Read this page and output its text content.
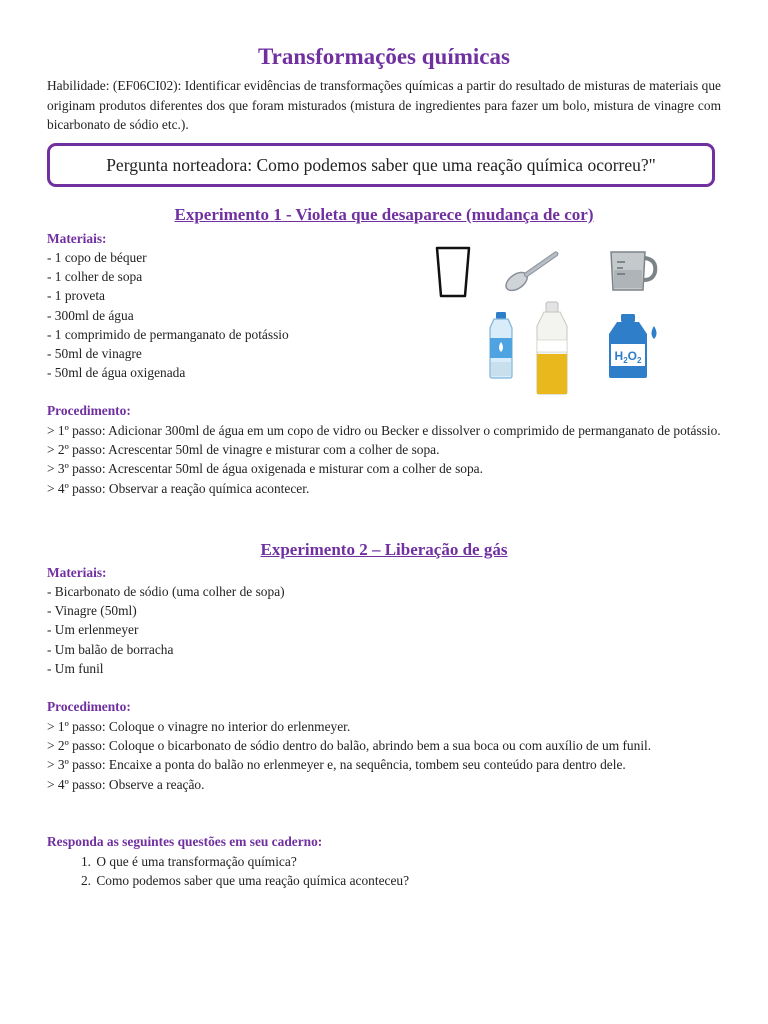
Transformações químicas
Habilidade: (EF06CI02): Identificar evidências de transformações químicas a partir do resultado de misturas de materiais que originam produtos diferentes dos que foram misturados (mistura de ingredientes para fazer um bolo, mistura de vinagre com bicarbonato de sódio etc.).
Pergunta norteadora: Como podemos saber que uma reação química ocorreu?"
Experimento 1 - Violeta que desaparece (mudança de cor)
Materiais:
- 1 copo de béquer
- 1 colher de sopa
- 1 proveta
- 300ml de água
- 1 comprimido de permanganato de potássio
- 50ml de vinagre
- 50ml de água oxigenada
$H_2O_2$
Procedimento:
> 1º passo: Adicionar 300ml de água em um copo de vidro ou Becker e dissolver o comprimido de permanganato de potássio.
> 2º passo: Acrescentar 50ml de vinagre e misturar com a colher de sopa.
> 3º passo: Acrescentar 50ml de água oxigenada e misturar com a colher de sopa.
> 4º passo: Observar a reação química acontecer.
Experimento 2 – Liberação de gás
Materiais:
- Bicarbonato de sódio (uma colher de sopa)
- Vinagre (50ml)
- Um erlenmeyer
- Um balão de borracha
- Um funil
Procedimento:
> 1º passo: Coloque o vinagre no interior do erlenmeyer.
> 2º passo: Coloque o bicarbonato de sódio dentro do balão, abrindo bem a sua boca ou com auxílio de um funil.
> 3º passo: Encaixe a ponta do balão no erlenmeyer e, na sequência, tombem seu conteúdo para dentro dele.
> 4º passo: Observe a reação.
Responda as seguintes questões em seu caderno:
1. O que é uma transformação química?
2. Como podemos saber que uma reação química aconteceu?
